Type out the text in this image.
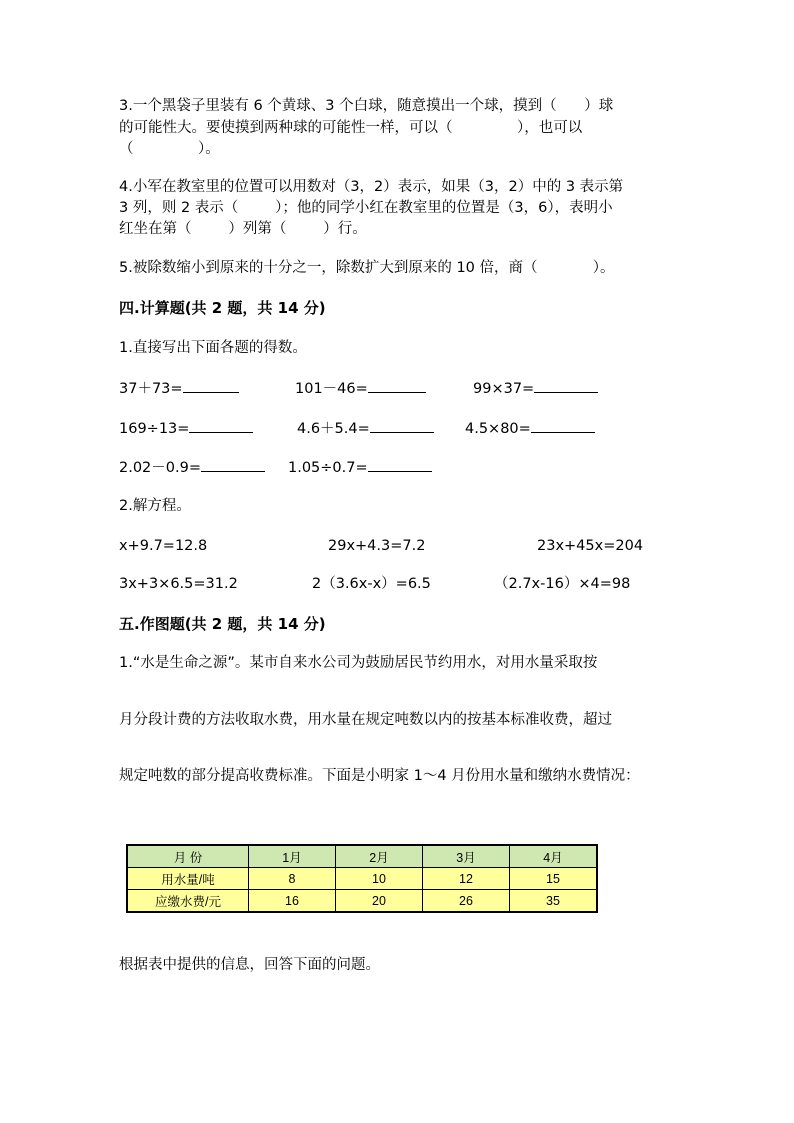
3.一个黑袋子里装有 6 个黄球、3 个白球，随意摸出一个球，摸到（      ）球
的可能性大。要使摸到两种球的可能性一样，可以（              ），也可以
（              ）。
4.小军在教室里的位置可以用数对（3，2）表示，如果（3，2）中的 3 表示第
3 列，则 2 表示（        ）；他的同学小红在教室里的位置是（3，6），表明小
红坐在第（        ）列第（        ）行。
5.被除数缩小到原来的十分之一，除数扩大到原来的 10 倍，商（            ）。
四.计算题(共 2 题，共 14 分)
1.直接写出下面各题的得数。
37＋73=	101－46=	99×37=
169÷13=	4.6＋5.4=	4.5×80=
2.02－0.9=	1.05÷0.7=
2.解方程。
x+9.7=12.8	29x+4.3=7.2	23x+45x=204
3x+3×6.5=31.2	2（3.6x-x）=6.5	（2.7x-16）×4=98
五.作图题(共 2 题，共 14 分)
1.“水是生命之源”。某市自来水公司为鼓励居民节约用水，对用水量采取按
月分段计费的方法收取水费，用水量在规定吨数以内的按基本标准收费，超过
规定吨数的部分提高收费标准。下面是小明家 1～4 月份用水量和缴纳水费情况：
月 份	1月	2月	3月	4月
用水量/吨	8	10	12	15
应缴水费/元	16	20	26	35
根据表中提供的信息，回答下面的问题。
